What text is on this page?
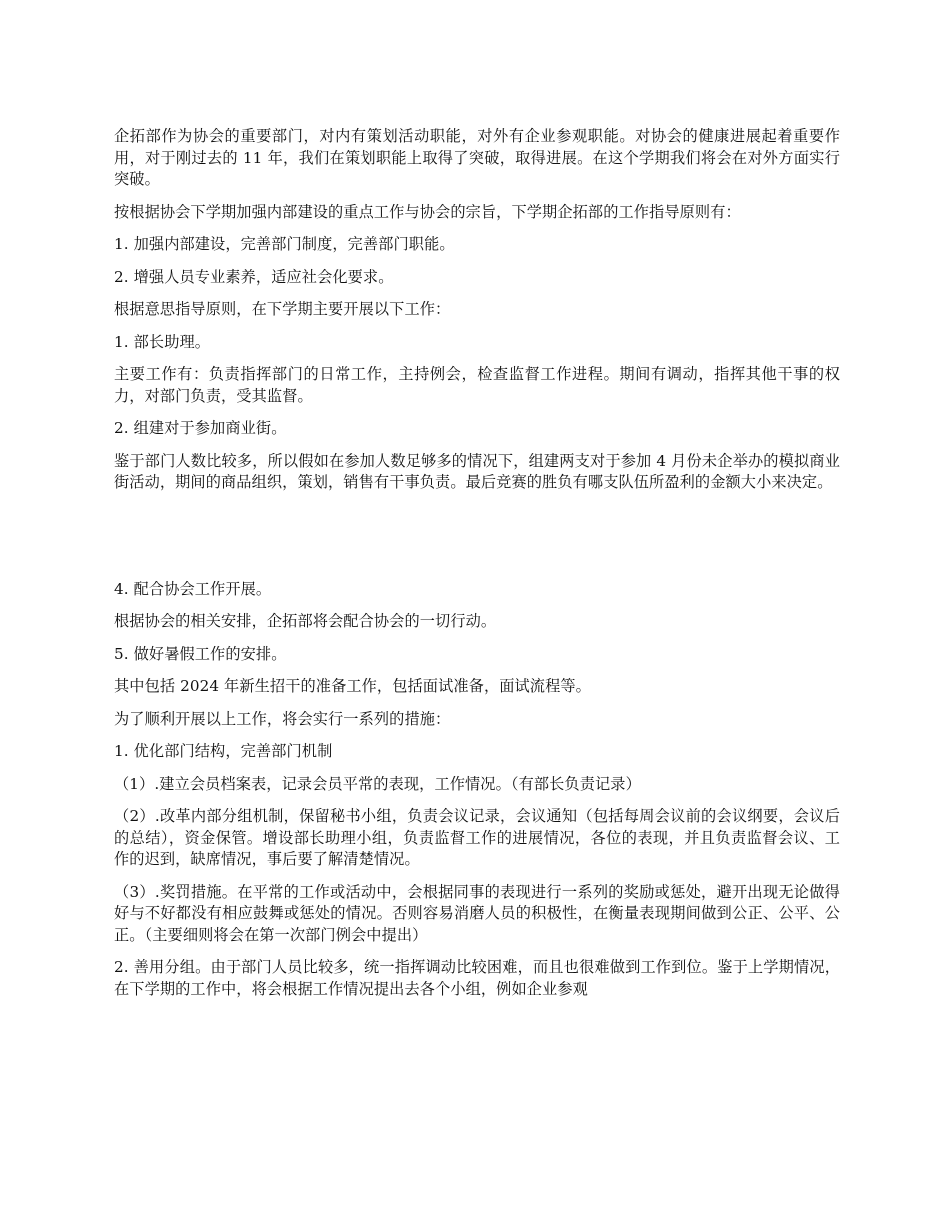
企拓部作为协会的重要部门，对内有策划活动职能，对外有企业参观职能。对协会的健康进展起着重要作用，对于刚过去的 11 年，我们在策划职能上取得了突破，取得进展。在这个学期我们将会在对外方面实行突破。

按根据协会下学期加强内部建设的重点工作与协会的宗旨，下学期企拓部的工作指导原则有：

1. 加强内部建设，完善部门制度，完善部门职能。

2. 增强人员专业素养，适应社会化要求。

根据意思指导原则，在下学期主要开展以下工作：

1. 部长助理。

主要工作有：负责指挥部门的日常工作，主持例会，检查监督工作进程。期间有调动，指挥其他干事的权力，对部门负责，受其监督。

2. 组建对于参加商业街。

鉴于部门人数比较多，所以假如在参加人数足够多的情况下，组建两支对于参加 4 月份未企举办的模拟商业街活动，期间的商品组织，策划，销售有干事负责。最后竞赛的胜负有哪支队伍所盈利的金额大小来决定。

4. 配合协会工作开展。

根据协会的相关安排，企拓部将会配合协会的一切行动。

5. 做好暑假工作的安排。

其中包括 2024 年新生招干的准备工作，包括面试准备，面试流程等。

为了顺利开展以上工作，将会实行一系列的措施：

1. 优化部门结构，完善部门机制

（1）.建立会员档案表，记录会员平常的表现，工作情况。（有部长负责记录）

（2）.改革内部分组机制，保留秘书小组，负责会议记录，会议通知（包括每周会议前的会议纲要，会议后的总结），资金保管。增设部长助理小组，负责监督工作的进展情况，各位的表现，并且负责监督会议、工作的迟到，缺席情况，事后要了解清楚情况。

（3）.奖罚措施。在平常的工作或活动中，会根据同事的表现进行一系列的奖励或惩处，避开出现无论做得好与不好都没有相应鼓舞或惩处的情况。否则容易消磨人员的积极性，在衡量表现期间做到公正、公平、公正。（主要细则将会在第一次部门例会中提出）

2. 善用分组。由于部门人员比较多，统一指挥调动比较困难，而且也很难做到工作到位。鉴于上学期情况，在下学期的工作中，将会根据工作情况提出去各个小组，例如企业参观
